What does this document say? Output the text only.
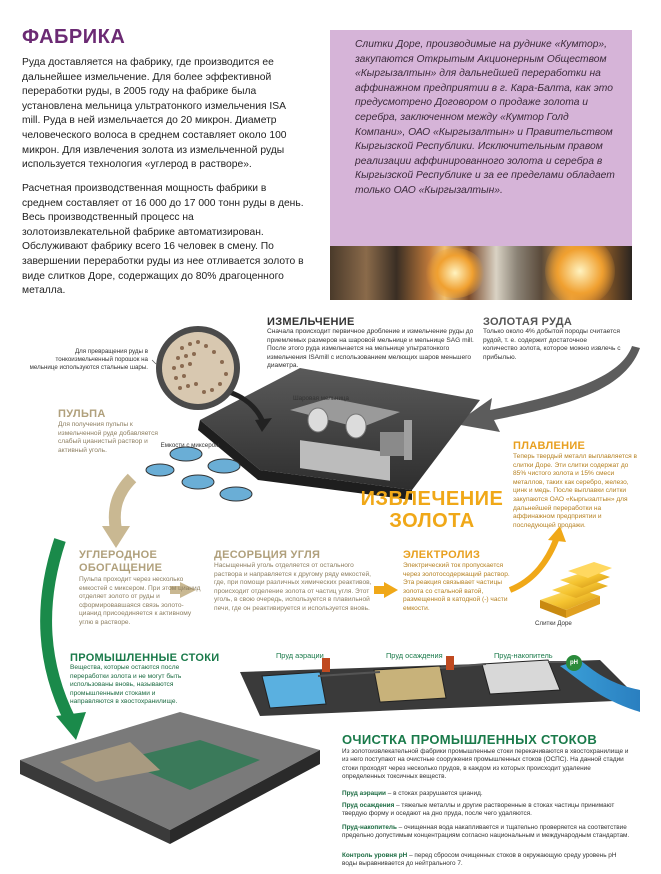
ФАБРИКА
Руда доставляется на фабрику, где производится ее дальнейшее измельчение. Для более эффективной переработки руды, в 2005 году на фабрике была установлена мельница ультратонкого измельчения ISA mill. Руда в ней измельчается до 20 микрон. Диаметр человеческого волоса в среднем составляет около 100 микрон. Для извлечения золота из измельченной руды используется технология «углерод в растворе».
Расчетная производственная мощность фабрики в среднем составляет от 16 000 до 17 000 тонн руды в день. Весь производственный процесс на золотоизвлекательной фабрике автоматизирован. Обслуживают фабрику всего 16 человек в смену. По завершении переработки руды из нее отливается золото в виде слитков Доре, содержащих до 80% драгоценного металла.
Слитки Доре, производимые на руднике «Кумтор», закупаются Открытым Акционерным Обществом «Кыргызалтын» для дальнейшей переработки на аффинажном предприятии в г. Кара-Балта, как это предусмотрено Договором о продаже золота и серебра, заключенном между «Кумтор Голд Компани», ОАО «Кыргызалтын» и Правительством Кыргызской Республики. Исключительным правом реализации аффинированного золота и серебра в Кыргызской Республике и за ее пределами обладает только ОАО «Кыргызалтын».
ИЗМЕЛЬЧЕНИЕ
Сначала происходит первичное дробление и измельчение руды до приемлемых размеров на шаровой мельнице и мельнице SAG mill. После этого руда измельчается на мельнице ультратонкого измельчения ISAmill с использованием мелющих шаров меньшего диаметра.
ЗОЛОТАЯ РУДА
Только около 4% добытой породы считается рудой, т. е. содержит достаточное количество золота, которое можно извлечь с прибылью.
Для превращения руды в тонкоизмельченный порошок на мельнице используются стальные шары.
Шаровая мельница
Емкости с миксером
ПУЛЬПА
Для получения пульпы к измельченной руде добавляется слабый цианистый раствор и активный уголь.	ПЛАВЛЕНИЕ
Теперь твердый металл выплавляется в слитки Доре. Эти слитки содержат до 85% чистого золота и 15% смеси металлов, таких как серебро, железо, цинк и медь. После выплавки слитки закупаются ОАО «Кыргызалтын» для дальнейшей переработки на аффинажном предприятии и последующей продажи.
ИЗВЛЕЧЕНИЕ
ЗОЛОТА
УГЛЕРОДНОЕ ОБОГАЩЕНИЕ
Пульпа проходит через несколько емкостей с миксером. При этом цианид отделяет золото от руды и сформировавшаяся связь золото-цианид присоединяется к активному углю в растворе.
ДЕСОРБЦИЯ УГЛЯ
Насыщенный уголь отделяется от остального раствора и направляется к другому ряду емкостей, где, при помощи различных химических реактивов, происходит отделение золота от частиц угля. Этот уголь, в свою очередь, используется в плавильной печи, где он реактивируется и используется вновь.
ЭЛЕКТРОЛИЗ
Электрический ток пропускается через золотосодержащий раствор. Эта реакция связывает частицы золота со стальной ватой, размещенной в катодной (-) части емкости.
Слитки Доре
ПРОМЫШЛЕННЫЕ СТОКИ
Вещества, которые остаются после переработки золота и не могут быть использованы вновь, называются промышленными стоками и направляются в хвостохранилище.
Пруд аэрации	Пруд осаждения	Пруд-накопитель
pH
ОЧИСТКА ПРОМЫШЛЕННЫХ СТОКОВ
Из золотоизвлекательной фабрики промышленные стоки перекачиваются в хвостохранилище и из него поступают на очистные сооружения промышленных стоков (ОСПС). На данной стадии стоки проходят через несколько прудов, в каждом из которых происходит удаление определенных токсичных веществ.
Пруд аэрации – в стоках разрушается цианид.
Пруд осаждения – тяжелые металлы и другие растворенные в стоках частицы принимают твердую форму и оседают на дно пруда, после чего удаляются.
Пруд-накопитель – очищенная вода накапливается и тщательно проверяется на соответствие предельно допустимым концентрациям согласно национальным и международным стандартам.
Контроль уровня pH – перед сбросом очищенных стоков в окружающую среду уровень pH воды выравнивается до нейтрального 7.
